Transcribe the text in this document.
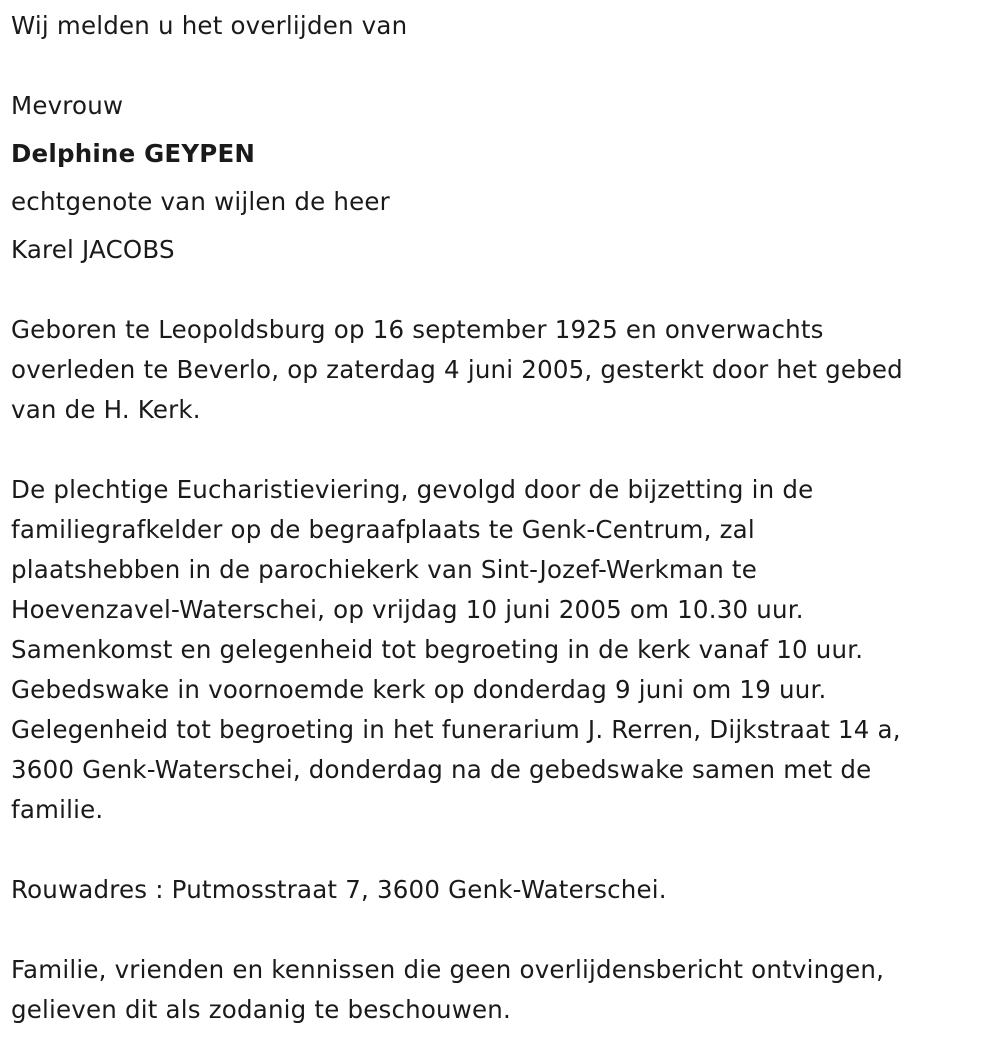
Wij melden u het overlijden van
Mevrouw
Delphine GEYPEN
echtgenote van wijlen de heer
Karel JACOBS
Geboren te Leopoldsburg op 16 september 1925 en onverwachts
overleden te Beverlo, op zaterdag 4 juni 2005, gesterkt door het gebed
van de H. Kerk.
De plechtige Eucharistieviering, gevolgd door de bijzetting in de
familiegrafkelder op de begraafplaats te Genk-Centrum, zal
plaatshebben in de parochiekerk van Sint-Jozef-Werkman te
Hoevenzavel-Waterschei, op vrijdag 10 juni 2005 om 10.30 uur.
Samenkomst en gelegenheid tot begroeting in de kerk vanaf 10 uur.
Gebedswake in voornoemde kerk op donderdag 9 juni om 19 uur.
Gelegenheid tot begroeting in het funerarium J. Rerren, Dijkstraat 14 a,
3600 Genk-Waterschei, donderdag na de gebedswake samen met de
familie.
Rouwadres : Putmosstraat 7, 3600 Genk-Waterschei.
Familie, vrienden en kennissen die geen overlijdensbericht ontvingen,
gelieven dit als zodanig te beschouwen.
